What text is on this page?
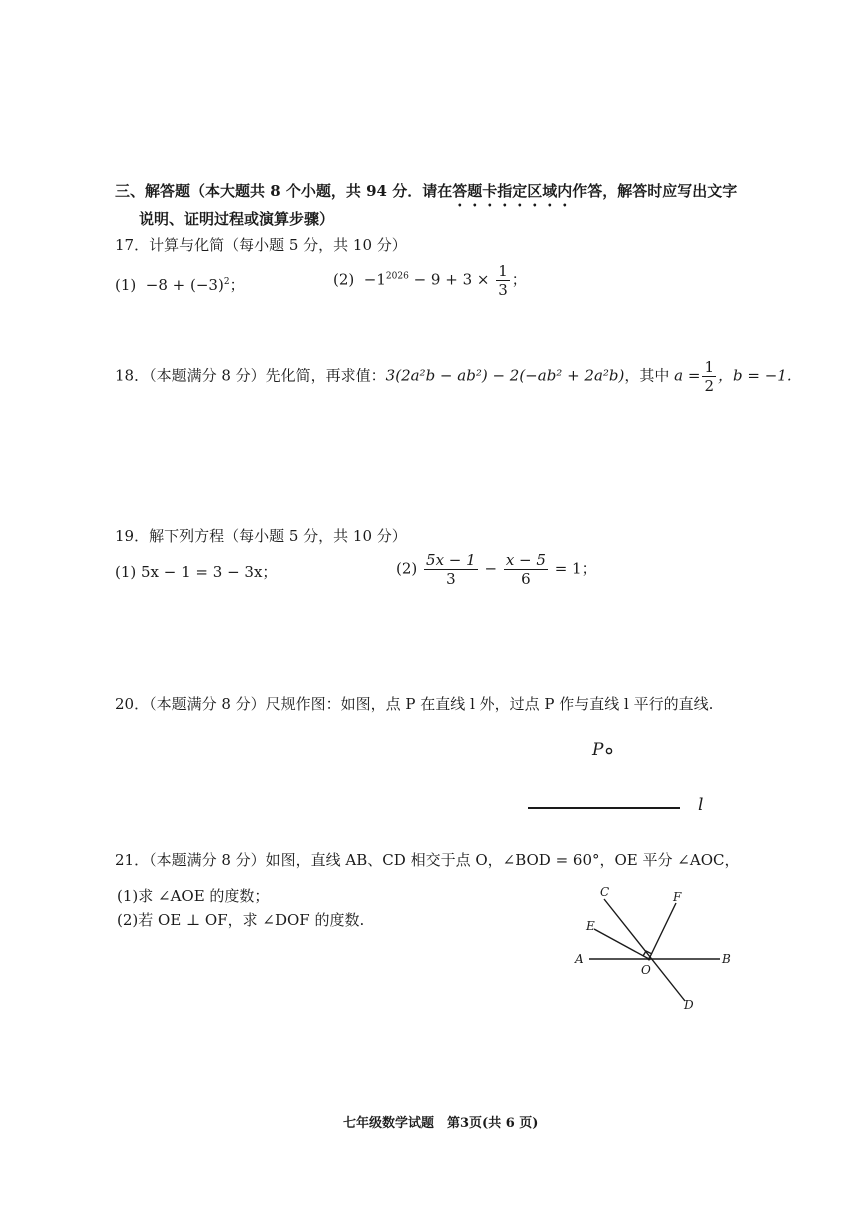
三、解答题（本大题共 8 个小题，共 94 分．请在答题卡指定区域内作答，解答时应写出文字
说明、证明过程或演算步骤）
17．计算与化简（每小题 5 分，共 10 分）
$(1) -8 + (-3)^2$；	$(2) -1^{2026} - 9 + 3 \times \frac{1}{3}$ ；
18．（本题满分 8 分）先化简，再求值：3(2a²b − ab²) − 2(−ab² + 2a²b)，其中 $a = \frac{1}{2}$ ，b = −1.
19．解下列方程（每小题 5 分，共 10 分）
(1) 5x − 1 = 3 − 3x；	$(2) \frac{5x - 1}{3} - \frac{x - 5}{6} = 1$；
20．（本题满分 8 分）尺规作图：如图，点 P 在直线 l 外，过点 P 作与直线 l 平行的直线.
P
l
21．（本题满分 8 分）如图，直线 AB、CD 相交于点 O，∠BOD = 60°，OE 平分 ∠AOC，
(1)求 ∠AOE 的度数；
(2)若 OE ⊥ OF，求 ∠DOF 的度数.
A	B
C
D
E
F
O
七年级数学试题　第3页(共 6 页)
